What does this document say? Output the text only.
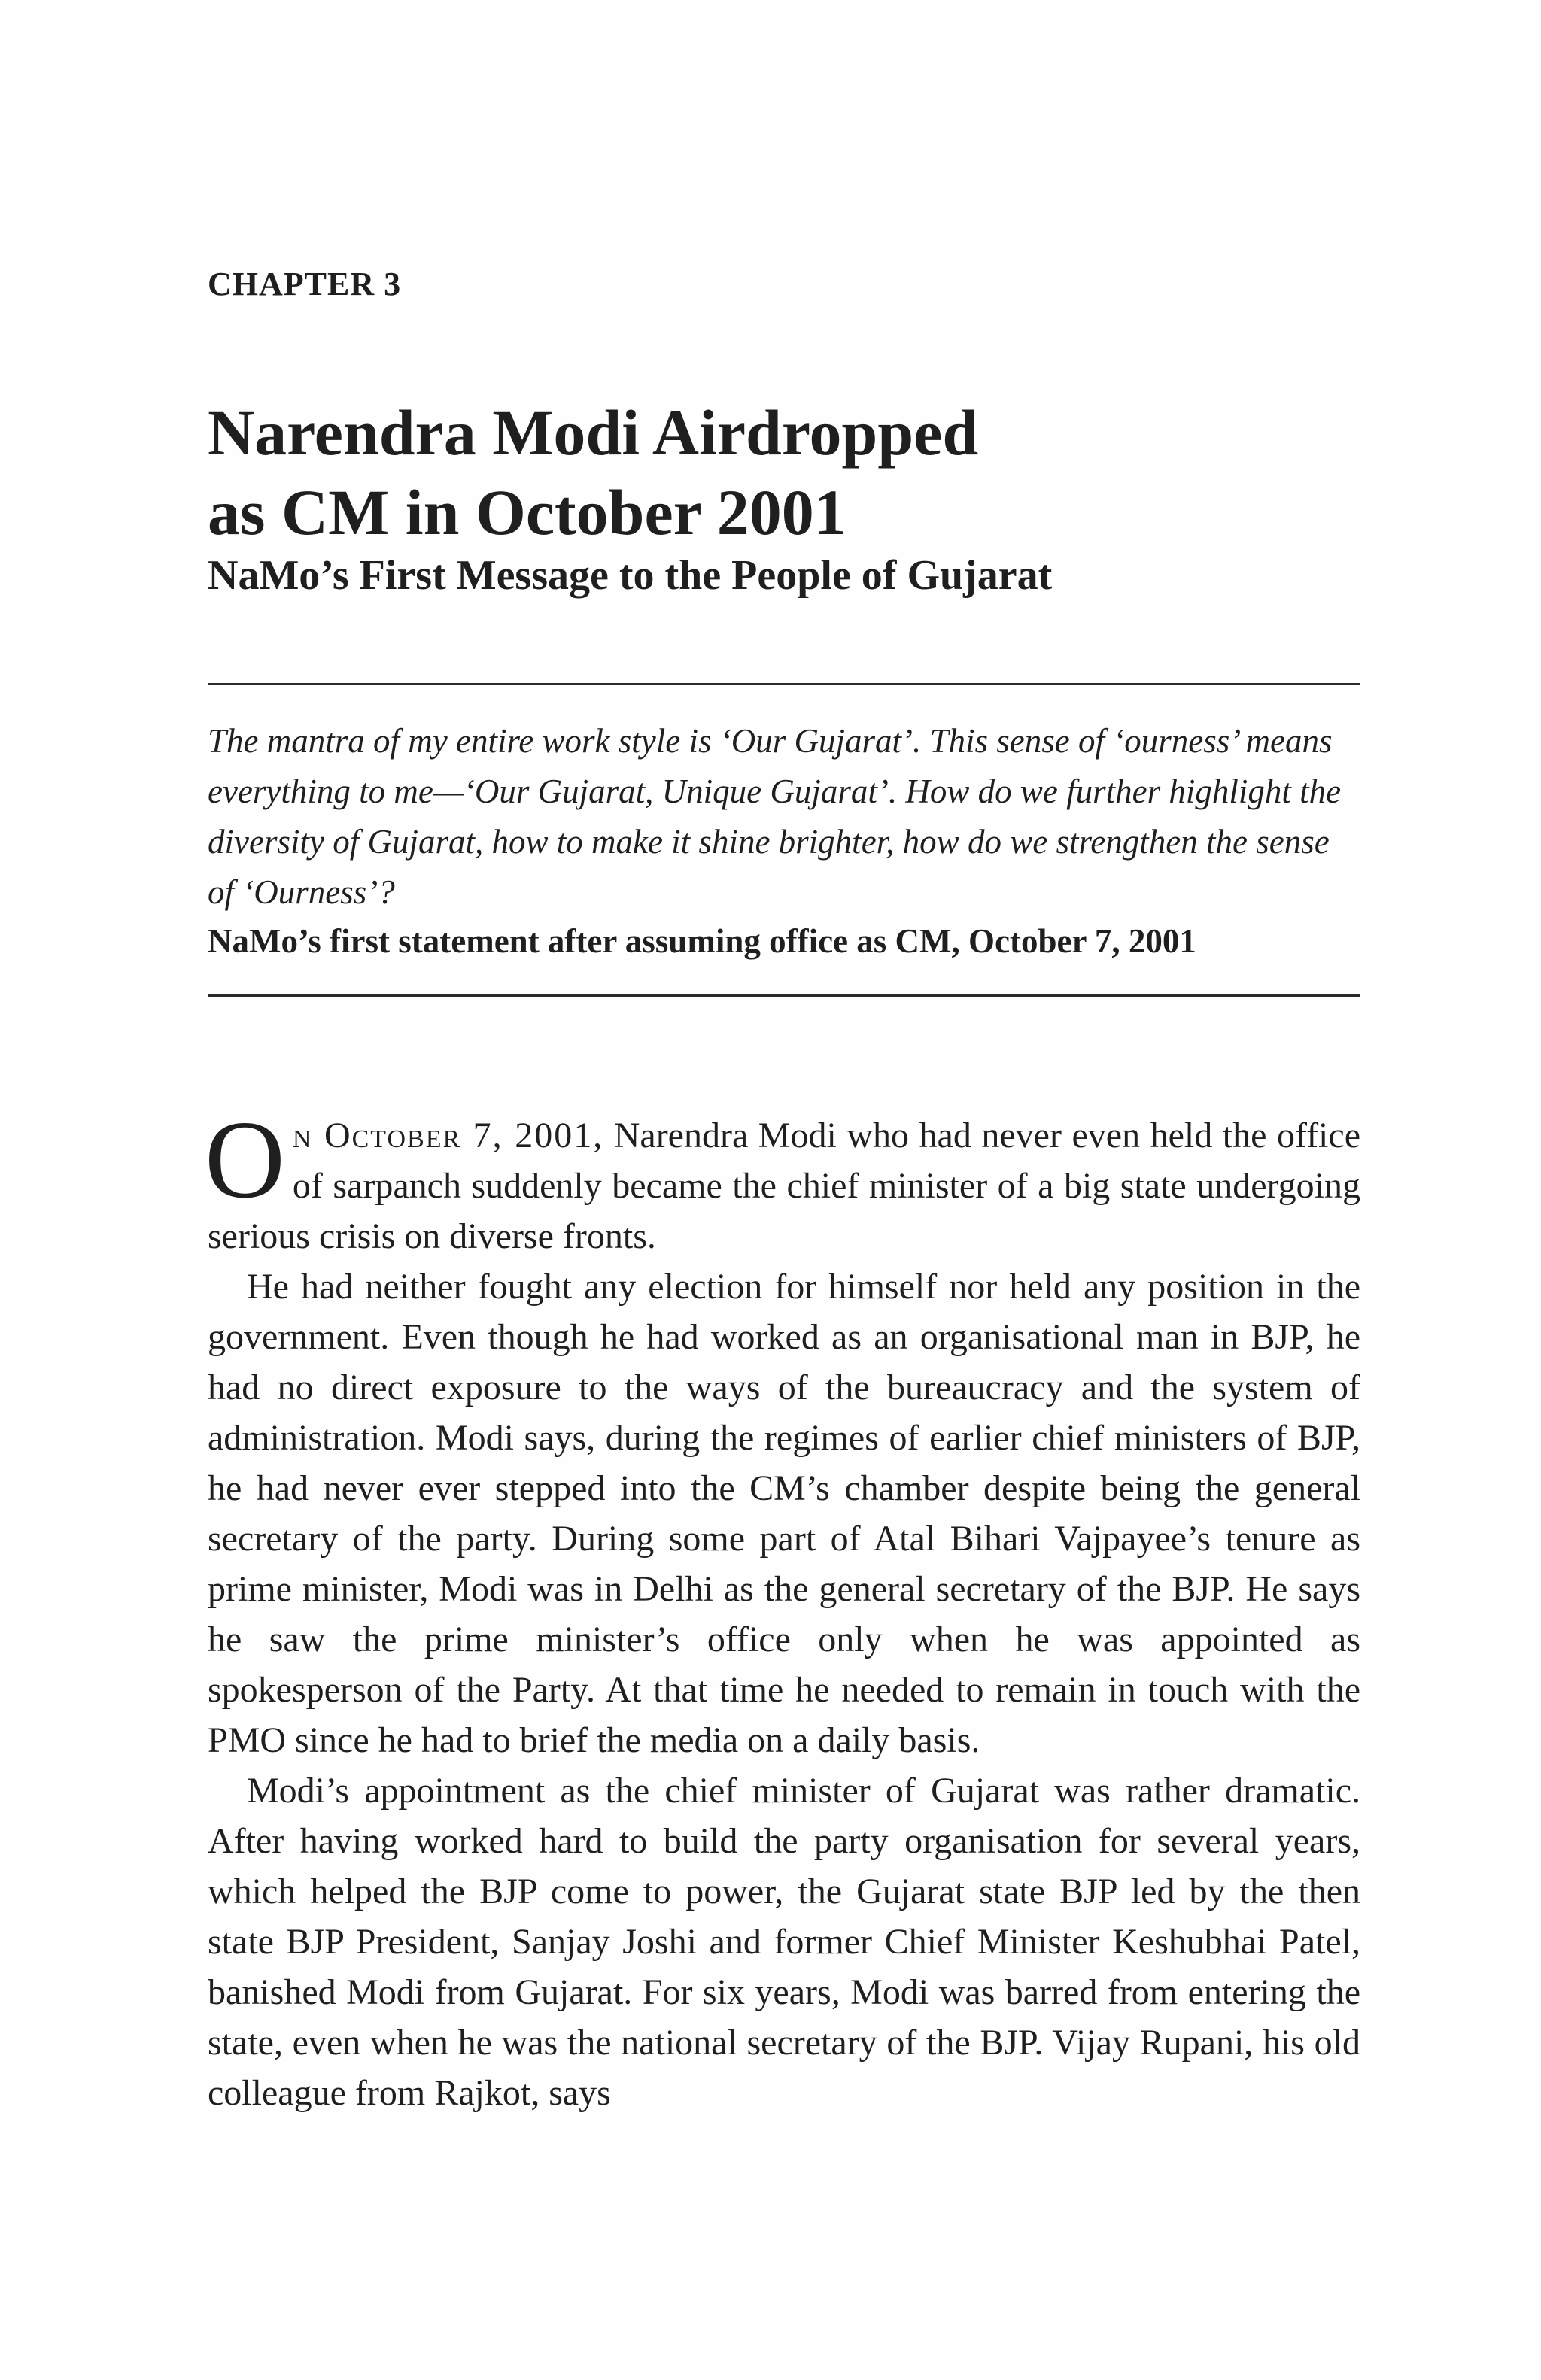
CHAPTER 3
Narendra Modi Airdropped
as CM in October 2001
NaMo’s First Message to the People of Gujarat

The mantra of my entire work style is ‘Our Gujarat’. This sense of ‘ourness’ means everything to me—‘Our Gujarat, Unique Gujarat’. How do we further highlight the diversity of Gujarat, how to make it shine brighter, how do we strengthen the sense of ‘Ourness’?

NaMo’s first statement after assuming office as CM, October 7, 2001

On October 7, 2001, Narendra Modi who had never even held the office of sarpanch suddenly became the chief minister of a big state undergoing serious crisis on diverse fronts.

He had neither fought any election for himself nor held any position in the government. Even though he had worked as an organisational man in BJP, he had no direct exposure to the ways of the bureaucracy and the system of administration. Modi says, during the regimes of earlier chief ministers of BJP, he had never ever stepped into the CM’s chamber despite being the general secretary of the party. During some part of Atal Bihari Vajpayee’s tenure as prime minister, Modi was in Delhi as the general secretary of the BJP. He says he saw the prime minister’s office only when he was appointed as spokesperson of the Party. At that time he needed to remain in touch with the PMO since he had to brief the media on a daily basis.

Modi’s appointment as the chief minister of Gujarat was rather dramatic. After having worked hard to build the party organisation for several years, which helped the BJP come to power, the Gujarat state BJP led by the then state BJP President, Sanjay Joshi and former Chief Minister Keshubhai Patel, banished Modi from Gujarat. For six years, Modi was barred from entering the state, even when he was the national secretary of the BJP. Vijay Rupani, his old colleague from Rajkot, says
